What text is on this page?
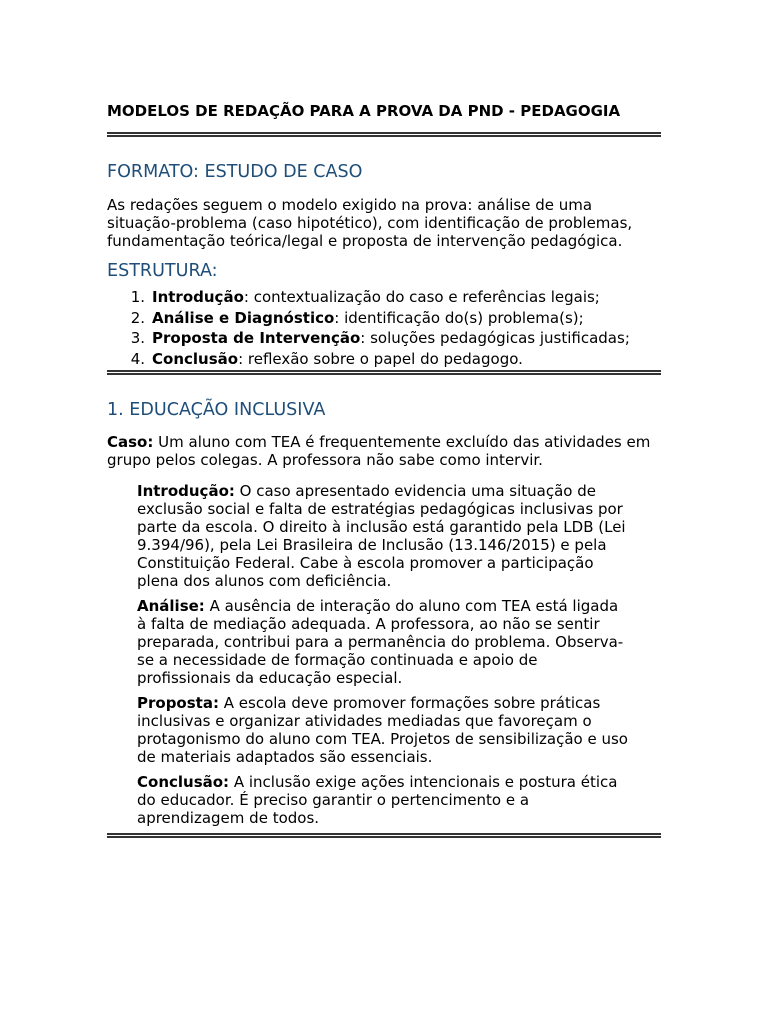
MODELOS DE REDAÇÃO PARA A PROVA DA PND - PEDAGOGIA
FORMATO: ESTUDO DE CASO
As redações seguem o modelo exigido na prova: análise de uma situação-problema (caso hipotético), com identificação de problemas, fundamentação teórica/legal e proposta de intervenção pedagógica.
ESTRUTURA:
1. Introdução: contextualização do caso e referências legais;
2. Análise e Diagnóstico: identificação do(s) problema(s);
3. Proposta de Intervenção: soluções pedagógicas justificadas;
4. Conclusão: reflexão sobre o papel do pedagogo.
1. EDUCAÇÃO INCLUSIVA
Caso: Um aluno com TEA é frequentemente excluído das atividades em grupo pelos colegas. A professora não sabe como intervir.
Introdução: O caso apresentado evidencia uma situação de exclusão social e falta de estratégias pedagógicas inclusivas por parte da escola. O direito à inclusão está garantido pela LDB (Lei 9.394/96), pela Lei Brasileira de Inclusão (13.146/2015) e pela Constituição Federal. Cabe à escola promover a participação plena dos alunos com deficiência.
Análise: A ausência de interação do aluno com TEA está ligada à falta de mediação adequada. A professora, ao não se sentir preparada, contribui para a permanência do problema. Observa-se a necessidade de formação continuada e apoio de profissionais da educação especial.
Proposta: A escola deve promover formações sobre práticas inclusivas e organizar atividades mediadas que favoreçam o protagonismo do aluno com TEA. Projetos de sensibilização e uso de materiais adaptados são essenciais.
Conclusão: A inclusão exige ações intencionais e postura ética do educador. É preciso garantir o pertencimento e a aprendizagem de todos.
